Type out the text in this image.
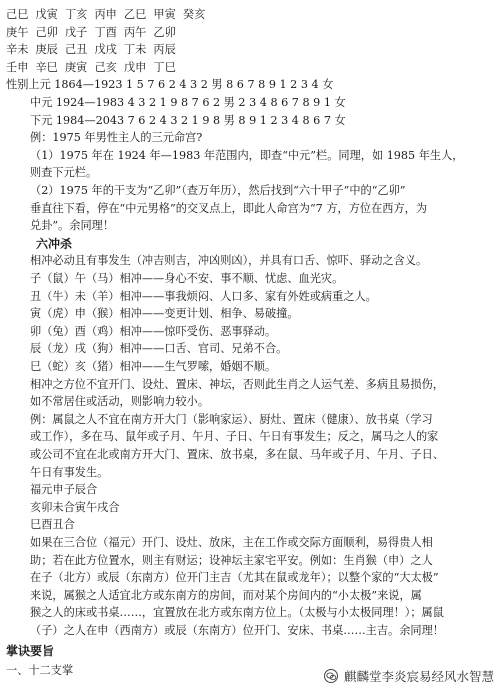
己巳  戊寅  丁亥  丙申  乙巳  甲寅  癸亥
庚午  己卯  戊子  丁酉  丙午  乙卯
辛未  庚辰  己丑  戊戌  丁未  丙辰
壬申  辛巳  庚寅  己亥  戊申  丁巳
性别上元 1864—1923 1 5 7 6 2 4 3 2 男 8 6 7 8 9 1 2 3 4 女
中元 1924—1983 4 3 2 1 9 8 7 6 2 男 2 3 4 8 6 7 8 9 1 女
下元 1984—2043 7 6 2 4 3 2 1 9 8 男 8 9 1 2 3 4 8 6 7 女
例：1975 年男性主人的三元命宫?
（1）1975 年在 1924 年—1983 年范围内，即查“中元”栏。同理，如 1985 年生人，
则查下元栏。
（2）1975 年的干支为“乙卯”（查万年历），然后找到“六十甲子”中的“乙卯”
垂直往下看，停在“中元男格”的交叉点上，即此人命宫为“7 方，方位在西方，为
兑卦”。余同理！
六冲杀
相冲必动且有事发生（冲吉则吉，冲凶则凶），并具有口舌、惊吓、驿动之含义。
子（鼠）午（马）相冲——身心不安、事不顺、忧虑、血光灾。
丑（牛）未（羊）相冲——事我烦闷、人口多、家有外姓或病重之人。
寅（虎）申（猴）相冲——变更计划、相争、易破撞。
卯（兔）酉（鸡）相冲——惊吓受伤、恶事驿动。
辰（龙）戌（狗）相冲——口舌、官司、兄弟不合。
巳（蛇）亥（猪）相冲——生气罗嗦，婚姻不顺。
相冲之方位不宜开门、设灶、置床、神坛，否则此生肖之人运气差、多病且易损伤，
如不常居住或活动，则影响力较小。
例：属鼠之人不宜在南方开大门（影响家运）、厨灶、置床（健康）、放书桌（学习
或工作），多在马、鼠年或子月、午月、子日、午日有事发生；反之，属马之人的家
或公司不宜在北或南方开大门、置床、放书桌，多在鼠、马年或子月、午月、子日、
午日有事发生。
福元申子辰合
亥卯未合寅午戌合
巳酉丑合
如果在三合位（福元）开门、设灶、放床，主在工作或交际方面顺利，易得贵人相
助；若在此方位置水，则主有财运；设神坛主家宅平安。例如：生肖猴（申）之人
在子（北方）或辰（东南方）位开门主吉（尤其在鼠或龙年）；以整个家的“大太极”
来说，属猴之人适宜北方或东南方的房间，而对某个房间内的“小太极”来说，属
猴之人的床或书桌……，宜置放在北方或东南方位上。（太极与小太极同理！）；属鼠
（子）之人在申（西南方）或辰（东南方）位开门、安床、书桌……主吉。余同理！
掌诀要旨
一、十二支掌	麒麟堂李炎宸易经风水智慧
